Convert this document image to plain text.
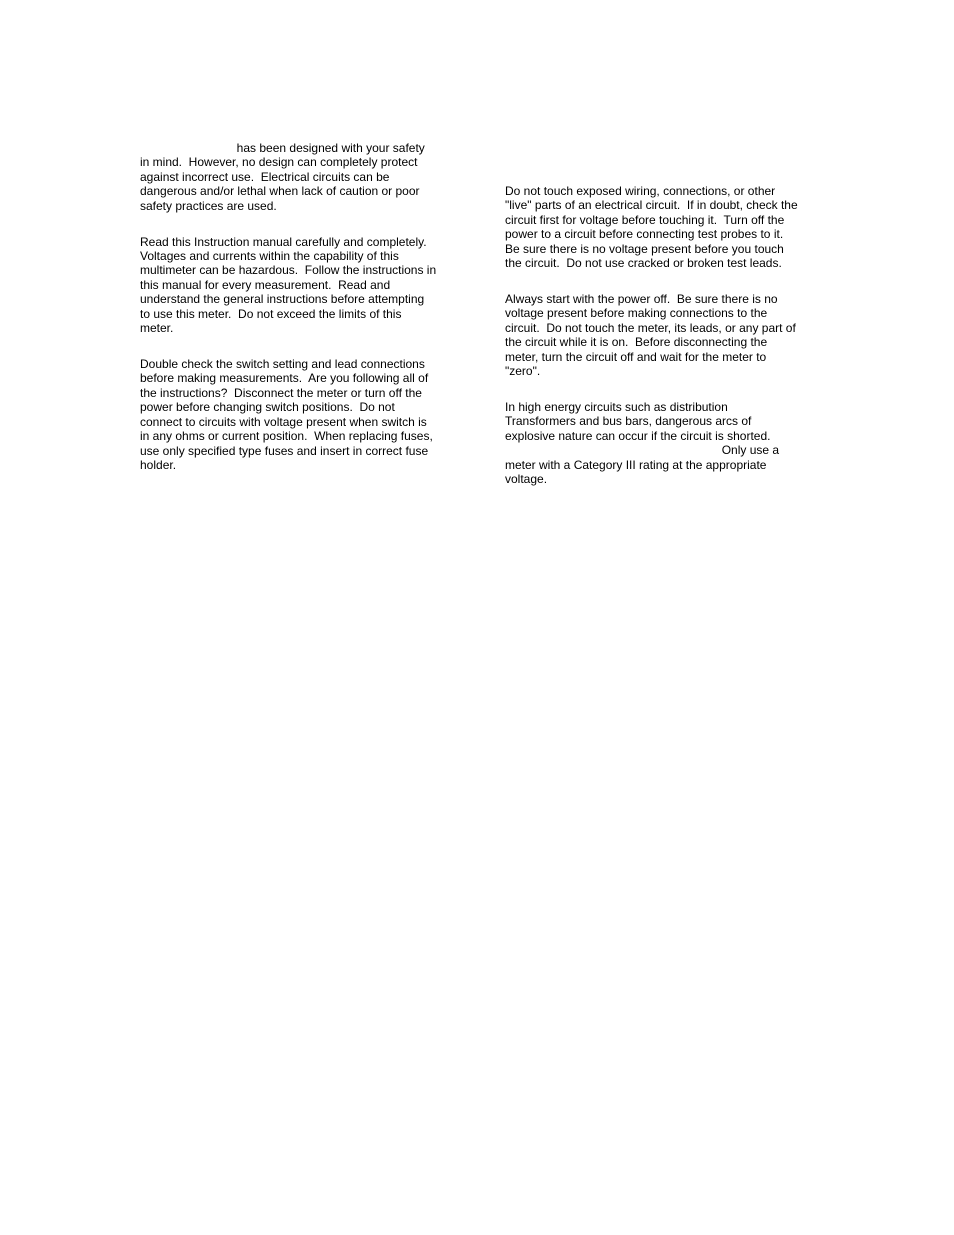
has been designed with your safety
in mind.  However, no design can completely protect
against incorrect use.  Electrical circuits can be
dangerous and/or lethal when lack of caution or poor
safety practices are used.

Read this Instruction manual carefully and completely.
Voltages and currents within the capability of this
multimeter can be hazardous.  Follow the instructions in
this manual for every measurement.  Read and
understand the general instructions before attempting
to use this meter.  Do not exceed the limits of this
meter.

Double check the switch setting and lead connections
before making measurements.  Are you following all of
the instructions?  Disconnect the meter or turn off the
power before changing switch positions.  Do not
connect to circuits with voltage present when switch is
in any ohms or current position.  When replacing fuses,
use only specified type fuses and insert in correct fuse
holder.

Do not touch exposed wiring, connections, or other
"live" parts of an electrical circuit.  If in doubt, check the
circuit first for voltage before touching it.  Turn off the
power to a circuit before connecting test probes to it.
Be sure there is no voltage present before you touch
the circuit.  Do not use cracked or broken test leads.

Always start with the power off.  Be sure there is no
voltage present before making connections to the
circuit.  Do not touch the meter, its leads, or any part of
the circuit while it is on.  Before disconnecting the
meter, turn the circuit off and wait for the meter to
"zero".

In high energy circuits such as distribution
Transformers and bus bars, dangerous arcs of
explosive nature can occur if the circuit is shorted.
Only use a
meter with a Category III rating at the appropriate
voltage.
